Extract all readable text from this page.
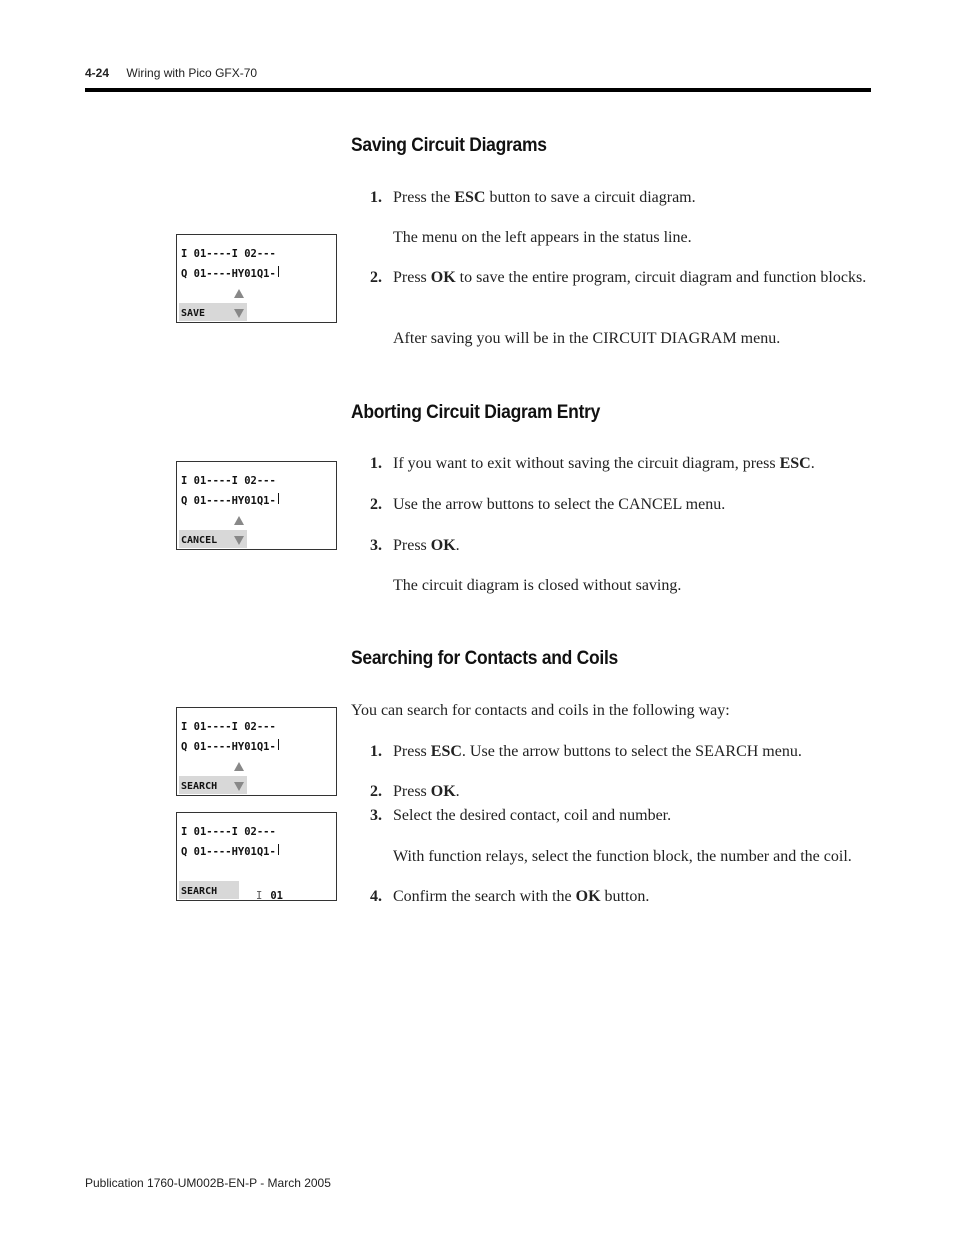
4-24 Wiring with Pico GFX-70
Saving Circuit Diagrams
1. Press the ESC button to save a circuit diagram.
The menu on the left appears in the status line.
2. Press OK to save the entire program, circuit diagram and function blocks.
After saving you will be in the CIRCUIT DIAGRAM menu.
I 01----I 02---
Q 01----HY01Q1-
SAVE
Aborting Circuit Diagram Entry
1. If you want to exit without saving the circuit diagram, press ESC.
2. Use the arrow buttons to select the CANCEL menu.
3. Press OK.
The circuit diagram is closed without saving.
I 01----I 02---
Q 01----HY01Q1-
CANCEL
Searching for Contacts and Coils
You can search for contacts and coils in the following way:
1. Press ESC. Use the arrow buttons to select the SEARCH menu.
2. Press OK.
3. Select the desired contact, coil and number.
With function relays, select the function block, the number and the coil.
4. Confirm the search with the OK button.
I 01----I 02---
Q 01----HY01Q1-
SEARCH
I 01----I 02---
Q 01----HY01Q1-
SEARCH	I 01
Publication 1760-UM002B-EN-P - March 2005
